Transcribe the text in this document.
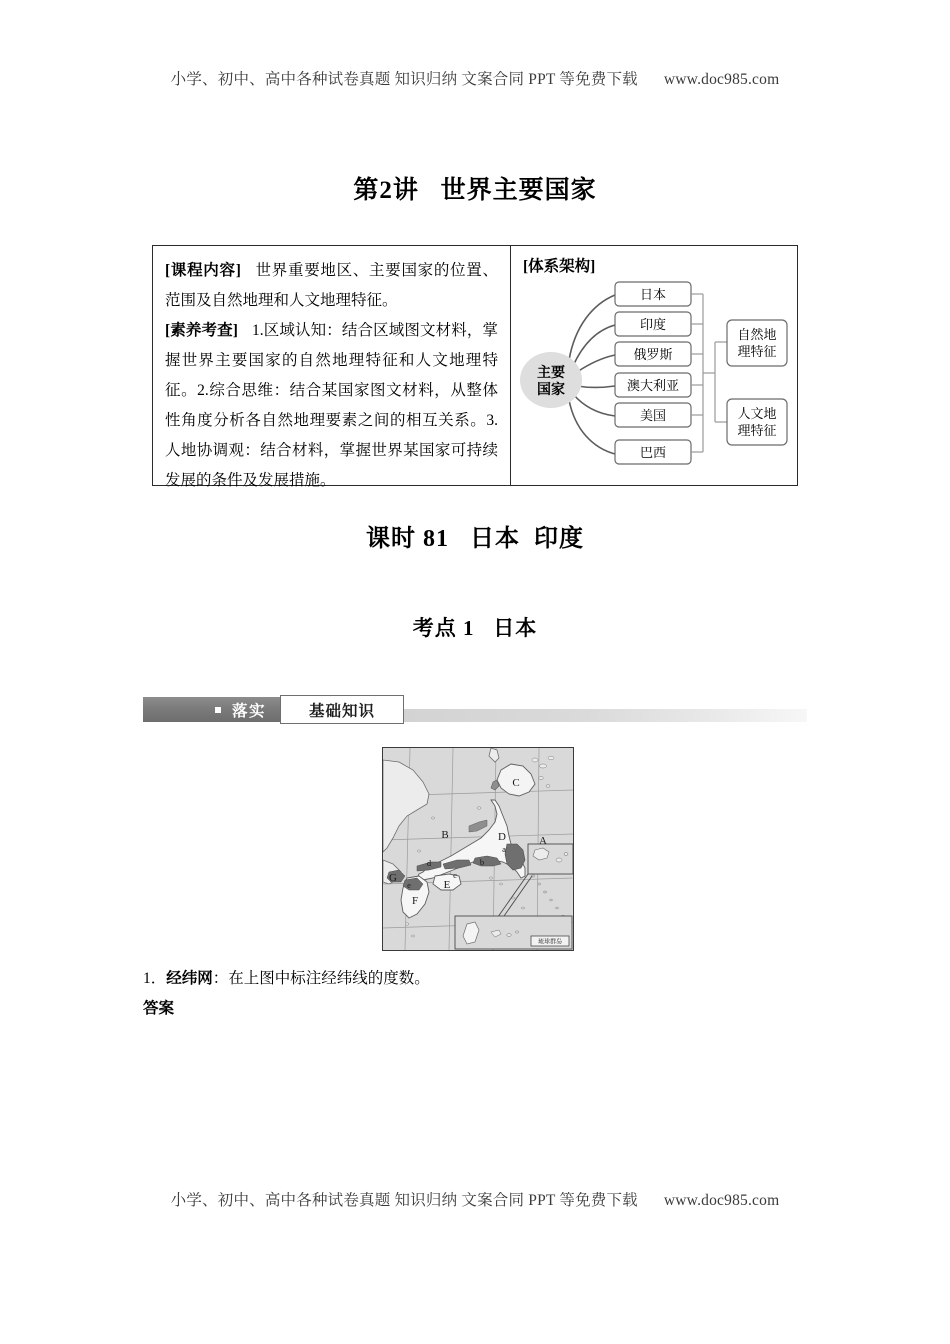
小学、初中、高中各种试卷真题 知识归纳 文案合同 PPT 等免费下载 www.doc985.com
第2讲 世界主要国家
[课程内容] 世界重要地区、主要国家的位置、范围及自然地理和人文地理特征。
[素养考查] 1.区域认知：结合区域图文材料，掌握世界主要国家的自然地理特征和人文地理特征。2.综合思维：结合某国家图文材料，从整体性角度分析各自然地理要素之间的相互关系。3.人地协调观：结合材料，掌握世界某国家可持续发展的条件及发展措施。
[体系架构]
主要
国家
日本
印度
俄罗斯
澳大利亚
美国
巴西
自然地
理特征
人文地
理特征
课时 81 日本 印度
考点 1 日本
落实	基础知识
琉球群岛
A
B
C
D
E
F
G
a
b
c
d
e
1．经纬网：在上图中标注经纬线的度数。
答案
小学、初中、高中各种试卷真题 知识归纳 文案合同 PPT 等免费下载 www.doc985.com
